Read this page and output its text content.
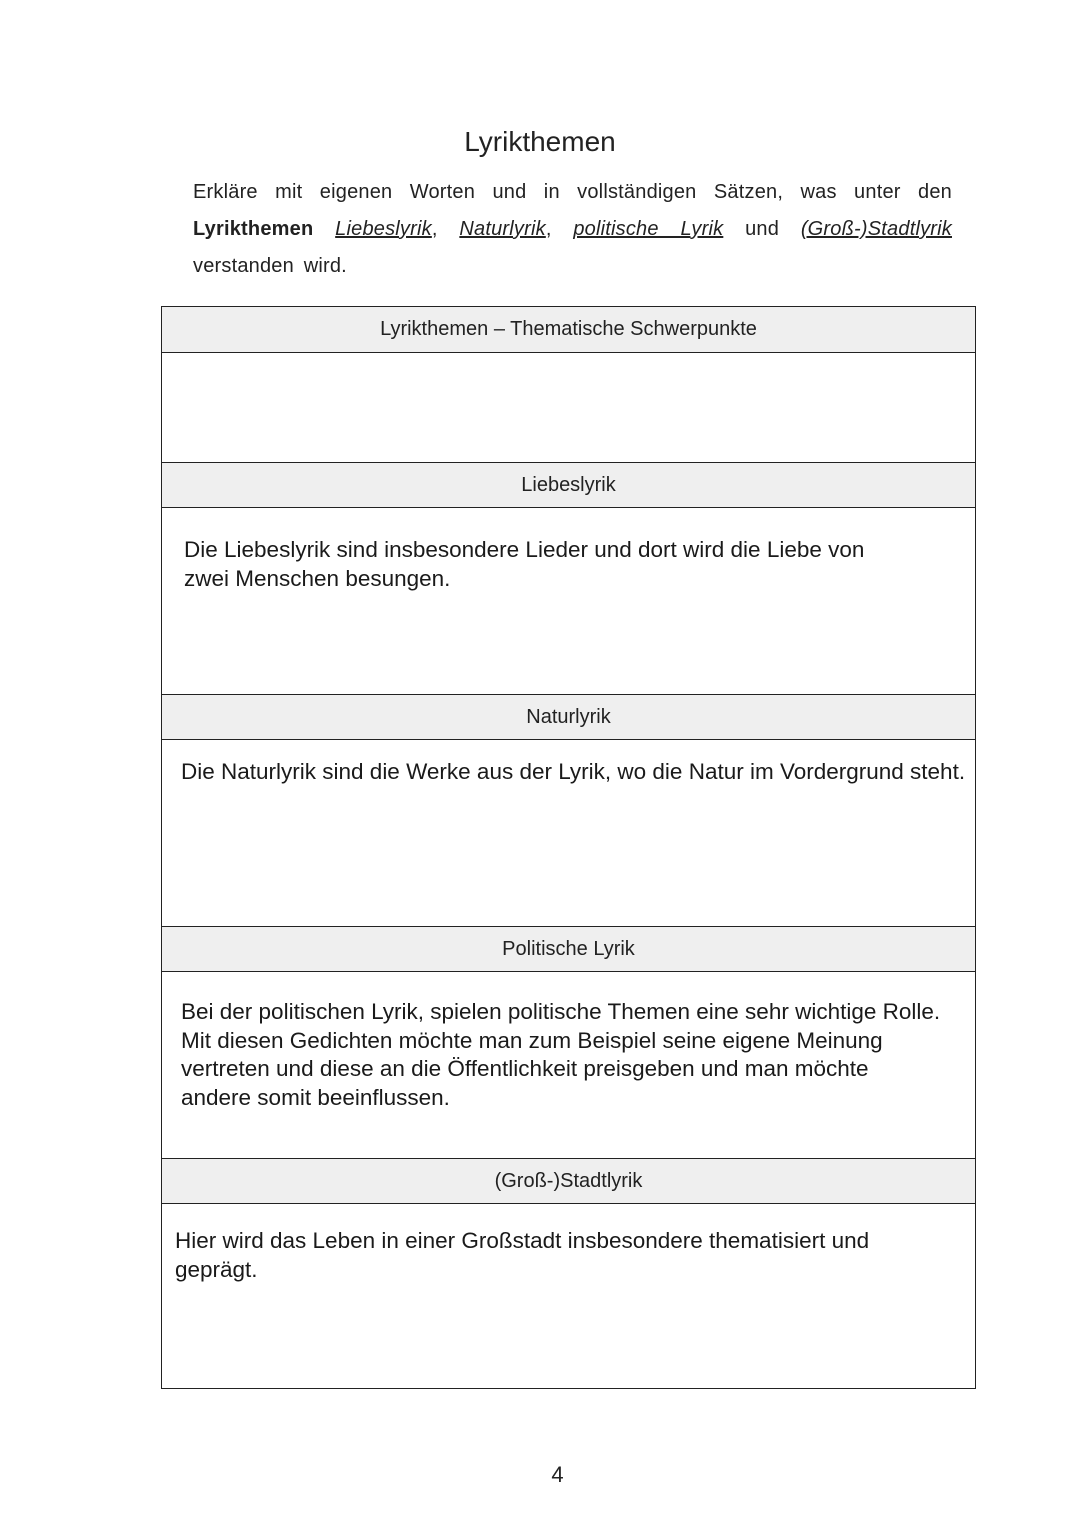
Lyrikthemen
Erkläre mit eigenen Worten und in vollständigen Sätzen, was unter den Lyrikthemen Liebeslyrik, Naturlyrik, politische Lyrik und (Groß-)Stadtlyrik verstanden wird.
Lyrikthemen – Thematische Schwerpunkte
Liebeslyrik
Die Liebeslyrik sind insbesondere Lieder und dort wird die Liebe von zwei Menschen besungen.
Naturlyrik
Die Naturlyrik sind die Werke aus der Lyrik, wo die Natur im Vordergrund steht.
Politische Lyrik
Bei der politischen Lyrik, spielen politische Themen eine sehr wichtige Rolle. Mit diesen Gedichten möchte man zum Beispiel seine eigene Meinung vertreten und diese an die Öffentlichkeit preisgeben und man möchte andere somit beeinflussen.
(Groß-)Stadtlyrik
Hier wird das Leben in einer Großstadt insbesondere thematisiert und geprägt.
4
